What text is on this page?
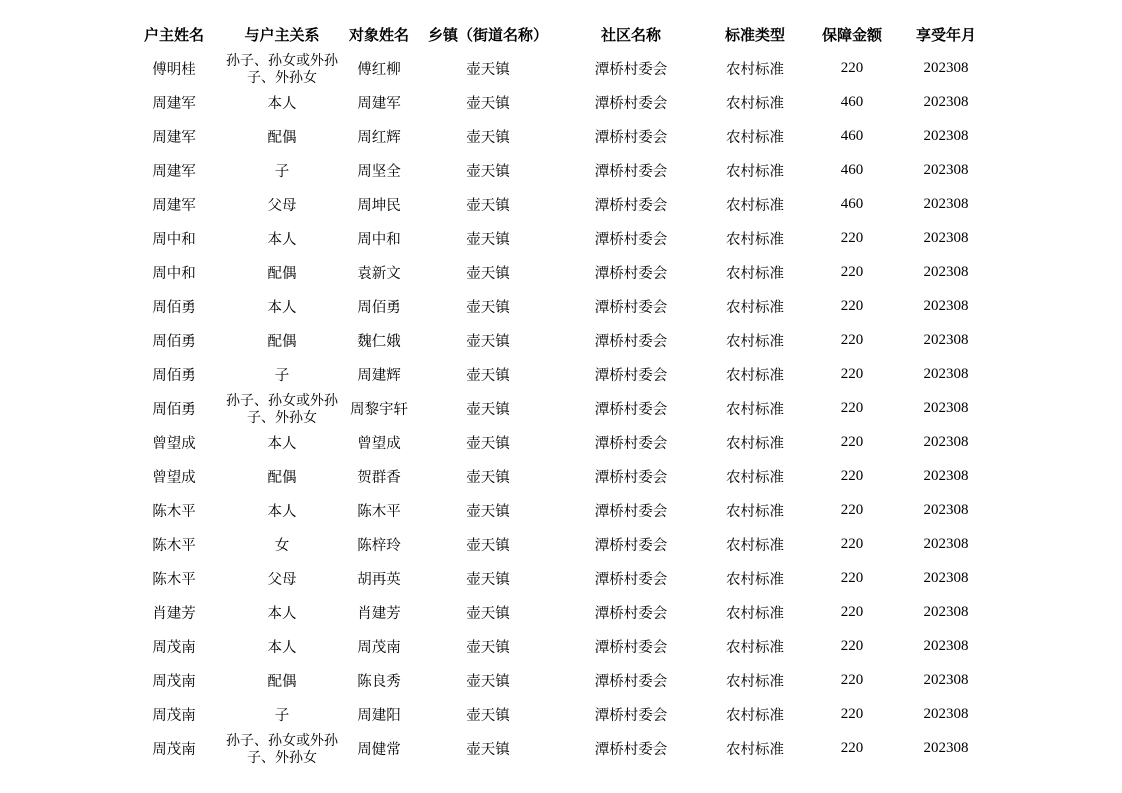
户主姓名	与户主关系	对象姓名	乡镇（街道名称）	社区名称	标准类型	保障金额	享受年月
傅明桂	孙子、孙女或外孙子、外孙女	傅红柳	壶天镇	潭桥村委会	农村标准	220	202308
周建军	本人	周建军	壶天镇	潭桥村委会	农村标准	460	202308
周建军	配偶	周红辉	壶天镇	潭桥村委会	农村标准	460	202308
周建军	子	周坚全	壶天镇	潭桥村委会	农村标准	460	202308
周建军	父母	周坤民	壶天镇	潭桥村委会	农村标准	460	202308
周中和	本人	周中和	壶天镇	潭桥村委会	农村标准	220	202308
周中和	配偶	袁新文	壶天镇	潭桥村委会	农村标准	220	202308
周佰勇	本人	周佰勇	壶天镇	潭桥村委会	农村标准	220	202308
周佰勇	配偶	魏仁娥	壶天镇	潭桥村委会	农村标准	220	202308
周佰勇	子	周建辉	壶天镇	潭桥村委会	农村标准	220	202308
周佰勇	孙子、孙女或外孙子、外孙女	周黎宇轩	壶天镇	潭桥村委会	农村标准	220	202308
曾望成	本人	曾望成	壶天镇	潭桥村委会	农村标准	220	202308
曾望成	配偶	贺群香	壶天镇	潭桥村委会	农村标准	220	202308
陈木平	本人	陈木平	壶天镇	潭桥村委会	农村标准	220	202308
陈木平	女	陈梓玲	壶天镇	潭桥村委会	农村标准	220	202308
陈木平	父母	胡再英	壶天镇	潭桥村委会	农村标准	220	202308
肖建芳	本人	肖建芳	壶天镇	潭桥村委会	农村标准	220	202308
周茂南	本人	周茂南	壶天镇	潭桥村委会	农村标准	220	202308
周茂南	配偶	陈良秀	壶天镇	潭桥村委会	农村标准	220	202308
周茂南	子	周建阳	壶天镇	潭桥村委会	农村标准	220	202308
周茂南	孙子、孙女或外孙子、外孙女	周健常	壶天镇	潭桥村委会	农村标准	220	202308
